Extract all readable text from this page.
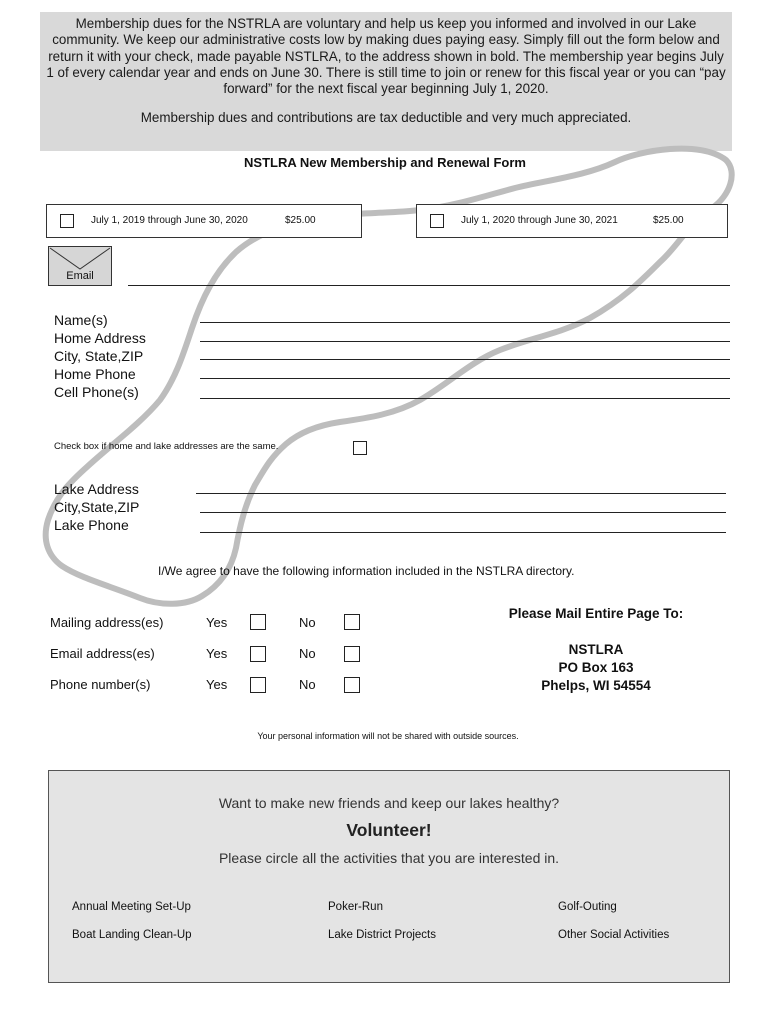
Membership dues for the NSTRLA are voluntary and help us keep you informed and involved in our Lake community. We keep our administrative costs low by making dues paying easy. Simply fill out the form below and return it with your check, made payable NSTLRA, to the address shown in bold. The membership year begins July 1 of every calendar year and ends on June 30. There is still time to join or renew for this fiscal year or you can “pay forward” for the next fiscal year beginning July 1, 2020.

Membership dues and contributions are tax deductible and very much appreciated.

NSTLRA New Membership and Renewal Form
July 1, 2019 through June 30, 2020	$25.00	July 1, 2020 through June 30, 2021	$25.00
Email
Name(s)
Home Address
City, State,ZIP
Home Phone
Cell Phone(s)
Check box if home and lake addresses are the same.
Lake Address
City,State,ZIP
Lake Phone
I/We agree to have the following information included in the NSTLRA directory.
Mailing address(es)	Yes	No
Email address(es)	Yes	No
Phone number(s)	Yes	No
Please Mail Entire Page To:
NSTLRA
PO Box 163
Phelps, WI 54554
Your personal information will not be shared with outside sources.
Want to make new friends and keep our lakes healthy?
Volunteer!
Please circle all the activities that you are interested in.
Annual Meeting Set-Up	Poker-Run	Golf-Outing
Boat Landing Clean-Up	Lake District Projects	Other Social Activities
